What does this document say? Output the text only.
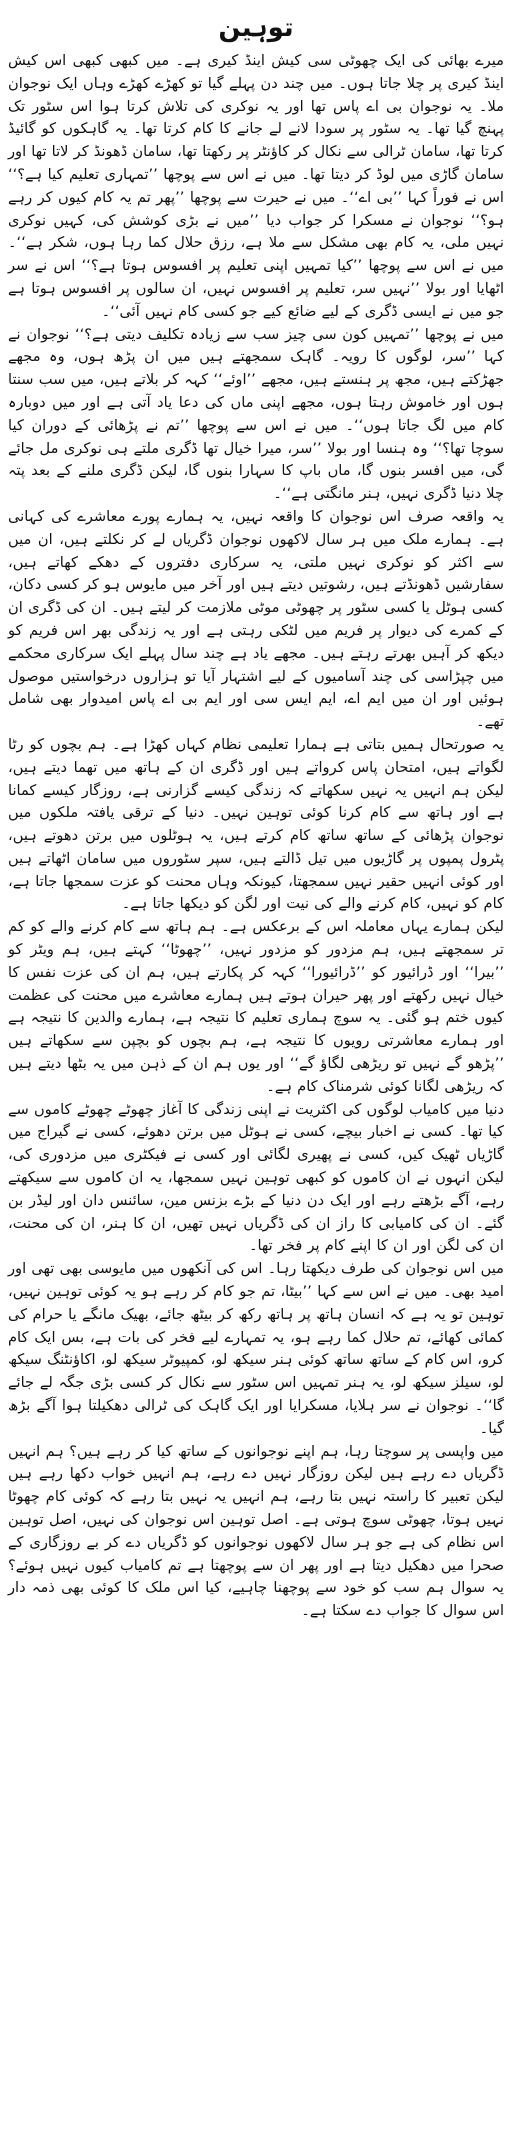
توہین

میرے بھائی کی ایک چھوٹی سی کیش اینڈ کیری ہے۔ میں کبھی کبھی اس کیش اینڈ کیری پر چلا جاتا ہوں۔ میں چند دن پہلے گیا تو کھڑے کھڑے وہاں ایک نوجوان ملا۔ یہ نوجوان بی اے پاس تھا اور یہ نوکری کی تلاش کرتا ہوا اس سٹور تک پہنچ گیا تھا۔ یہ سٹور پر سودا لانے لے جانے کا کام کرتا تھا۔ یہ گاہکوں کو گائیڈ کرتا تھا، سامان ٹرالی سے نکال کر کاؤنٹر پر رکھتا تھا، سامان ڈھونڈ کر لاتا تھا اور سامان گاڑی میں لوڈ کر دیتا تھا۔ میں نے اس سے پوچھا ’’تمہاری تعلیم کیا ہے؟‘‘ اس نے فوراً کہا ’’بی اے‘‘۔ میں نے حیرت سے پوچھا ’’پھر تم یہ کام کیوں کر رہے ہو؟‘‘ نوجوان نے مسکرا کر جواب دیا ’’میں نے بڑی کوشش کی، کہیں نوکری نہیں ملی، یہ کام بھی مشکل سے ملا ہے، رزق حلال کما رہا ہوں، شکر ہے‘‘۔ میں نے اس سے پوچھا ’’کیا تمہیں اپنی تعلیم پر افسوس ہوتا ہے؟‘‘ اس نے سر اٹھایا اور بولا ’’نہیں سر، تعلیم پر افسوس نہیں، ان سالوں پر افسوس ہوتا ہے جو میں نے ایسی ڈگری کے لیے ضائع کیے جو کسی کام نہیں آئی‘‘۔

میں نے پوچھا ’’تمہیں کون سی چیز سب سے زیادہ تکلیف دیتی ہے؟‘‘ نوجوان نے کہا ’’سر، لوگوں کا رویہ۔ گاہک سمجھتے ہیں میں ان پڑھ ہوں، وہ مجھے جھڑکتے ہیں، مجھ پر ہنستے ہیں، مجھے ’’اوئے‘‘ کہہ کر بلاتے ہیں، میں سب سنتا ہوں اور خاموش رہتا ہوں، مجھے اپنی ماں کی دعا یاد آتی ہے اور میں دوبارہ کام میں لگ جاتا ہوں‘‘۔ میں نے اس سے پوچھا ’’تم نے پڑھائی کے دوران کیا سوچا تھا؟‘‘ وہ ہنسا اور بولا ’’سر، میرا خیال تھا ڈگری ملتے ہی نوکری مل جائے گی، میں افسر بنوں گا، ماں باپ کا سہارا بنوں گا، لیکن ڈگری ملنے کے بعد پتہ چلا دنیا ڈگری نہیں، ہنر مانگتی ہے‘‘۔

یہ واقعہ صرف اس نوجوان کا واقعہ نہیں، یہ ہمارے پورے معاشرے کی کہانی ہے۔ ہمارے ملک میں ہر سال لاکھوں نوجوان ڈگریاں لے کر نکلتے ہیں، ان میں سے اکثر کو نوکری نہیں ملتی، یہ سرکاری دفتروں کے دھکے کھاتے ہیں، سفارشیں ڈھونڈتے ہیں، رشوتیں دیتے ہیں اور آخر میں مایوس ہو کر کسی دکان، کسی ہوٹل یا کسی سٹور پر چھوٹی موٹی ملازمت کر لیتے ہیں۔ ان کی ڈگری ان کے کمرے کی دیوار پر فریم میں لٹکی رہتی ہے اور یہ زندگی بھر اس فریم کو دیکھ کر آہیں بھرتے رہتے ہیں۔ مجھے یاد ہے چند سال پہلے ایک سرکاری محکمے میں چپڑاسی کی چند آسامیوں کے لیے اشتہار آیا تو ہزاروں درخواستیں موصول ہوئیں اور ان میں ایم اے، ایم ایس سی اور ایم بی اے پاس امیدوار بھی شامل تھے۔

یہ صورتحال ہمیں بتاتی ہے ہمارا تعلیمی نظام کہاں کھڑا ہے۔ ہم بچوں کو رٹا لگواتے ہیں، امتحان پاس کرواتے ہیں اور ڈگری ان کے ہاتھ میں تھما دیتے ہیں، لیکن ہم انہیں یہ نہیں سکھاتے کہ زندگی کیسے گزارنی ہے، روزگار کیسے کمانا ہے اور ہاتھ سے کام کرنا کوئی توہین نہیں۔ دنیا کے ترقی یافتہ ملکوں میں نوجوان پڑھائی کے ساتھ ساتھ کام کرتے ہیں، یہ ہوٹلوں میں برتن دھوتے ہیں، پٹرول پمپوں پر گاڑیوں میں تیل ڈالتے ہیں، سپر سٹوروں میں سامان اٹھاتے ہیں اور کوئی انہیں حقیر نہیں سمجھتا، کیونکہ وہاں محنت کو عزت سمجھا جاتا ہے، کام کو نہیں، کام کرنے والے کی نیت اور لگن کو دیکھا جاتا ہے۔

لیکن ہمارے یہاں معاملہ اس کے برعکس ہے۔ ہم ہاتھ سے کام کرنے والے کو کم تر سمجھتے ہیں، ہم مزدور کو مزدور نہیں، ’’چھوٹا‘‘ کہتے ہیں، ہم ویٹر کو ’’بیرا‘‘ اور ڈرائیور کو ’’ڈرائیورا‘‘ کہہ کر پکارتے ہیں، ہم ان کی عزت نفس کا خیال نہیں رکھتے اور پھر حیران ہوتے ہیں ہمارے معاشرے میں محنت کی عظمت کیوں ختم ہو گئی۔ یہ سوچ ہماری تعلیم کا نتیجہ ہے، ہمارے والدین کا نتیجہ ہے اور ہمارے معاشرتی رویوں کا نتیجہ ہے، ہم بچوں کو بچپن سے سکھاتے ہیں ’’پڑھو گے نہیں تو ریڑھی لگاؤ گے‘‘ اور یوں ہم ان کے ذہن میں یہ بٹھا دیتے ہیں کہ ریڑھی لگانا کوئی شرمناک کام ہے۔

دنیا میں کامیاب لوگوں کی اکثریت نے اپنی زندگی کا آغاز چھوٹے چھوٹے کاموں سے کیا تھا۔ کسی نے اخبار بیچے، کسی نے ہوٹل میں برتن دھوئے، کسی نے گیراج میں گاڑیاں ٹھیک کیں، کسی نے پھیری لگائی اور کسی نے فیکٹری میں مزدوری کی، لیکن انہوں نے ان کاموں کو کبھی توہین نہیں سمجھا، یہ ان کاموں سے سیکھتے رہے، آگے بڑھتے رہے اور ایک دن دنیا کے بڑے بزنس مین، سائنس دان اور لیڈر بن گئے۔ ان کی کامیابی کا راز ان کی ڈگریاں نہیں تھیں، ان کا ہنر، ان کی محنت، ان کی لگن اور ان کا اپنے کام پر فخر تھا۔

میں اس نوجوان کی طرف دیکھتا رہا۔ اس کی آنکھوں میں مایوسی بھی تھی اور امید بھی۔ میں نے اس سے کہا ’’بیٹا، تم جو کام کر رہے ہو یہ کوئی توہین نہیں، توہین تو یہ ہے کہ انسان ہاتھ پر ہاتھ رکھ کر بیٹھ جائے، بھیک مانگے یا حرام کی کمائی کھائے، تم حلال کما رہے ہو، یہ تمہارے لیے فخر کی بات ہے، بس ایک کام کرو، اس کام کے ساتھ ساتھ کوئی ہنر سیکھ لو، کمپیوٹر سیکھ لو، اکاؤنٹنگ سیکھ لو، سیلز سیکھ لو، یہ ہنر تمہیں اس سٹور سے نکال کر کسی بڑی جگہ لے جائے گا‘‘۔ نوجوان نے سر ہلایا، مسکرایا اور ایک گاہک کی ٹرالی دھکیلتا ہوا آگے بڑھ گیا۔

میں واپسی پر سوچتا رہا، ہم اپنے نوجوانوں کے ساتھ کیا کر رہے ہیں؟ ہم انہیں ڈگریاں دے رہے ہیں لیکن روزگار نہیں دے رہے، ہم انہیں خواب دکھا رہے ہیں لیکن تعبیر کا راستہ نہیں بتا رہے، ہم انہیں یہ نہیں بتا رہے کہ کوئی کام چھوٹا نہیں ہوتا، چھوٹی سوچ ہوتی ہے۔ اصل توہین اس نوجوان کی نہیں، اصل توہین اس نظام کی ہے جو ہر سال لاکھوں نوجوانوں کو ڈگریاں دے کر بے روزگاری کے صحرا میں دھکیل دیتا ہے اور پھر ان سے پوچھتا ہے تم کامیاب کیوں نہیں ہوئے؟ یہ سوال ہم سب کو خود سے پوچھنا چاہیے، کیا اس ملک کا کوئی بھی ذمہ دار اس سوال کا جواب دے سکتا ہے۔
